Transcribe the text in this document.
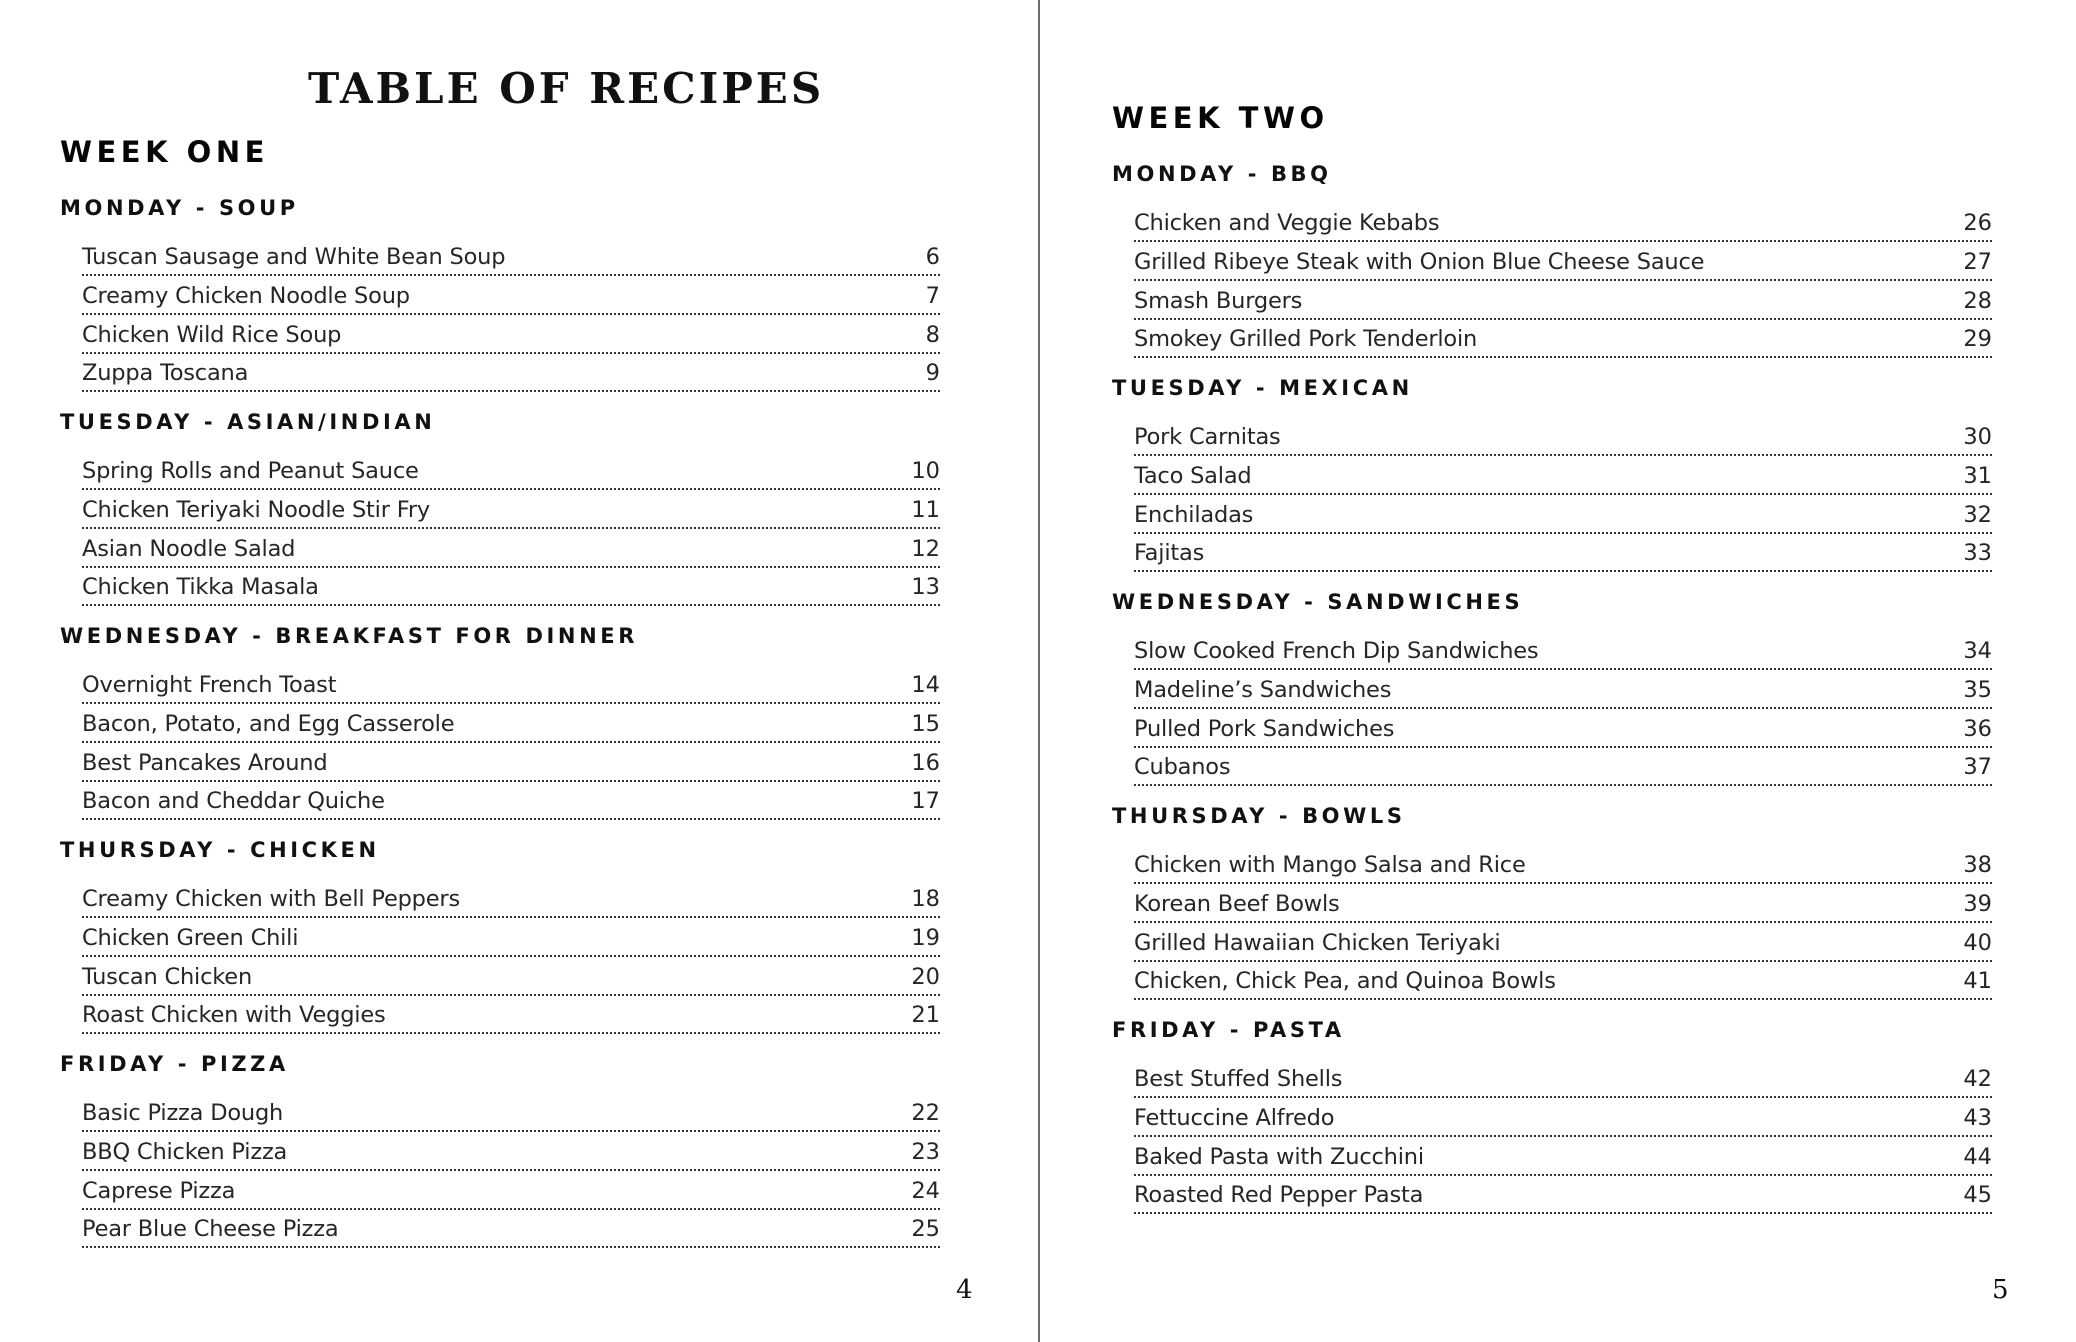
TABLE OF RECIPES
WEEK ONE
MONDAY - SOUP
Tuscan Sausage and White Bean Soup	6
Creamy Chicken Noodle Soup	7
Chicken Wild Rice Soup	8
Zuppa Toscana	9
TUESDAY - ASIAN/INDIAN
Spring Rolls and Peanut Sauce	10
Chicken Teriyaki Noodle Stir Fry	11
Asian Noodle Salad	12
Chicken Tikka Masala	13
WEDNESDAY - BREAKFAST FOR DINNER
Overnight French Toast	14
Bacon, Potato, and Egg Casserole	15
Best Pancakes Around	16
Bacon and Cheddar Quiche	17
THURSDAY - CHICKEN
Creamy Chicken with Bell Peppers	18
Chicken Green Chili	19
Tuscan Chicken	20
Roast Chicken with Veggies	21
FRIDAY - PIZZA
Basic Pizza Dough	22
BBQ Chicken Pizza	23
Caprese Pizza	24
Pear Blue Cheese Pizza	25
4
WEEK TWO
MONDAY - BBQ
Chicken and Veggie Kebabs	26
Grilled Ribeye Steak with Onion Blue Cheese Sauce	27
Smash Burgers	28
Smokey Grilled Pork Tenderloin	29
TUESDAY - MEXICAN
Pork Carnitas	30
Taco Salad	31
Enchiladas	32
Fajitas	33
WEDNESDAY - SANDWICHES
Slow Cooked French Dip Sandwiches	34
Madeline’s Sandwiches	35
Pulled Pork Sandwiches	36
Cubanos	37
THURSDAY - BOWLS
Chicken with Mango Salsa and Rice	38
Korean Beef Bowls	39
Grilled Hawaiian Chicken Teriyaki	40
Chicken, Chick Pea, and Quinoa Bowls	41
FRIDAY - PASTA
Best Stuffed Shells	42
Fettuccine Alfredo	43
Baked Pasta with Zucchini	44
Roasted Red Pepper Pasta	45
5
